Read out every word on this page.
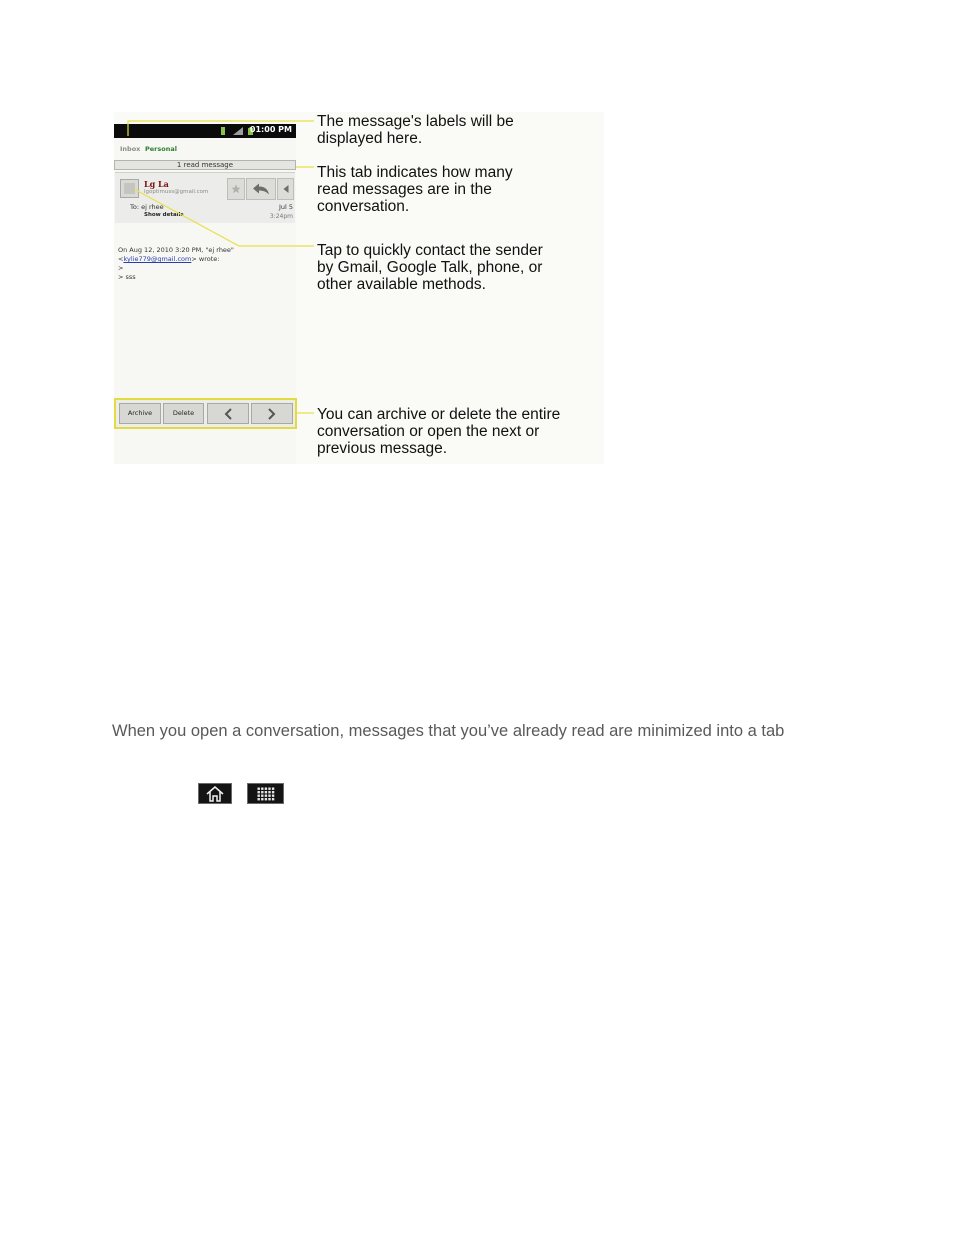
01:00 PM
Inbox Personal
1 read message
Lg La
lgoptimuss@gmail.com
To: ej rhee
Show details
Jul 5
3:24pm
On Aug 12, 2010 3:20 PM, "ej rhee"
<kylie779@gmail.com> wrote:
>
> sss
Archive	Delete
The message's labels will be
displayed here.
This tab indicates how many
read messages are in the
conversation.
Tap to quickly contact the sender
by Gmail, Google Talk, phone, or
other available methods.
You can archive or delete the entire
conversation or open the next or
previous message.
When you open a conversation, messages that you’ve already read are minimized into a tab
